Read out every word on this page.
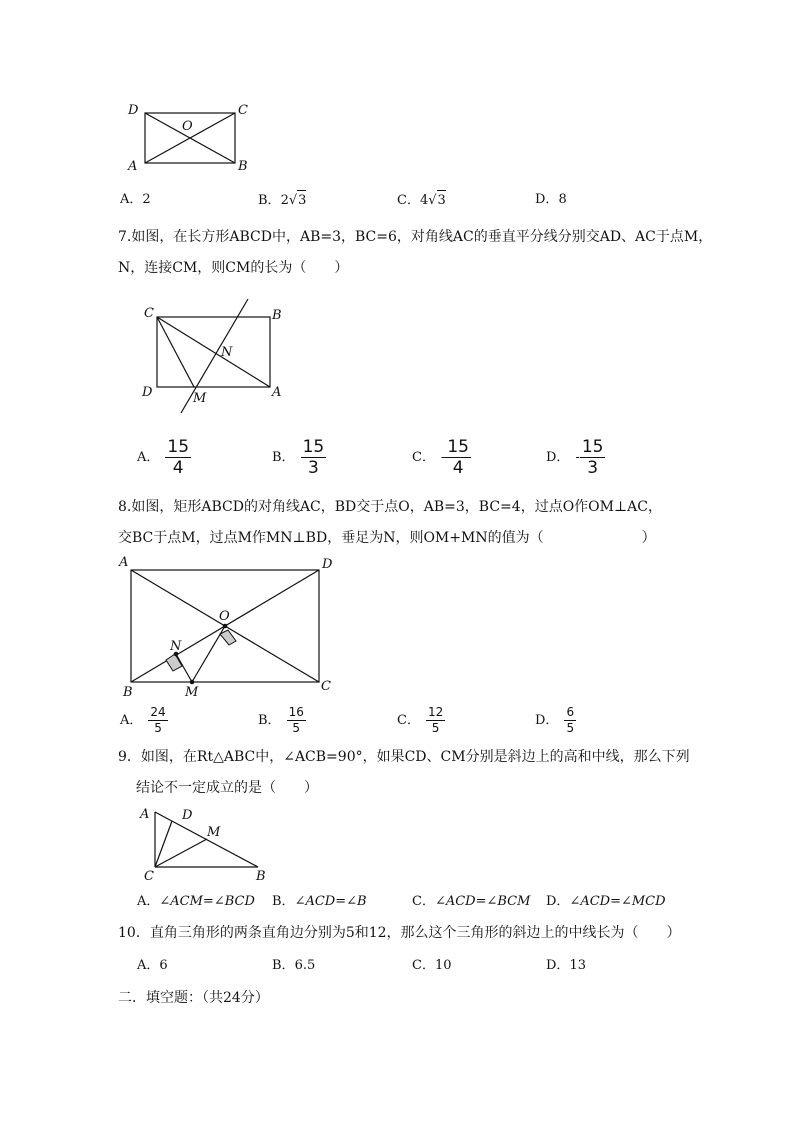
D	C
O
A	B
A． 2	B． 2 √ 3	C． 4 √ 3	D． 8
7.如图，在长方形ABCD中，AB=3，BC=6，对角线AC的垂直平分线分别交AD、AC于点M，
N，连接CM，则CM的长为（　　）
C	B
N
D	M	A
A． $\frac{15}{4}$	B． $\frac{15}{3}$	C． - $\frac{15}{4}$	D． - $\frac{15}{3}$
8.如图，矩形ABCD的对角线AC，BD交于点O，AB=3，BC=4，过点O作OM⊥AC，
交BC于点M，过点M作MN⊥BD，垂足为N，则OM+MN的值为（　　　　　　　）
A	D
O
N
B	M	C
A． $\frac{24}{5}$	B． $\frac{16}{5}$	C． $\frac{12}{5}$	D． $\frac{6}{5}$
9．如图，在Rt△ABC中，∠ACB=90°，如果CD、CM分别是斜边上的高和中线，那么下列
结论不一定成立的是（　　）
A	D
M
C	B
A．∠ACM=∠BCD B．∠ACD=∠B	C．∠ACD=∠BCM D．∠ACD=∠MCD
10．直角三角形的两条直角边分别为5和12，那么这个三角形的斜边上的中线长为（　　）
A．6	B．6.5	C．10	D．13
二．填空题：（共24分）
